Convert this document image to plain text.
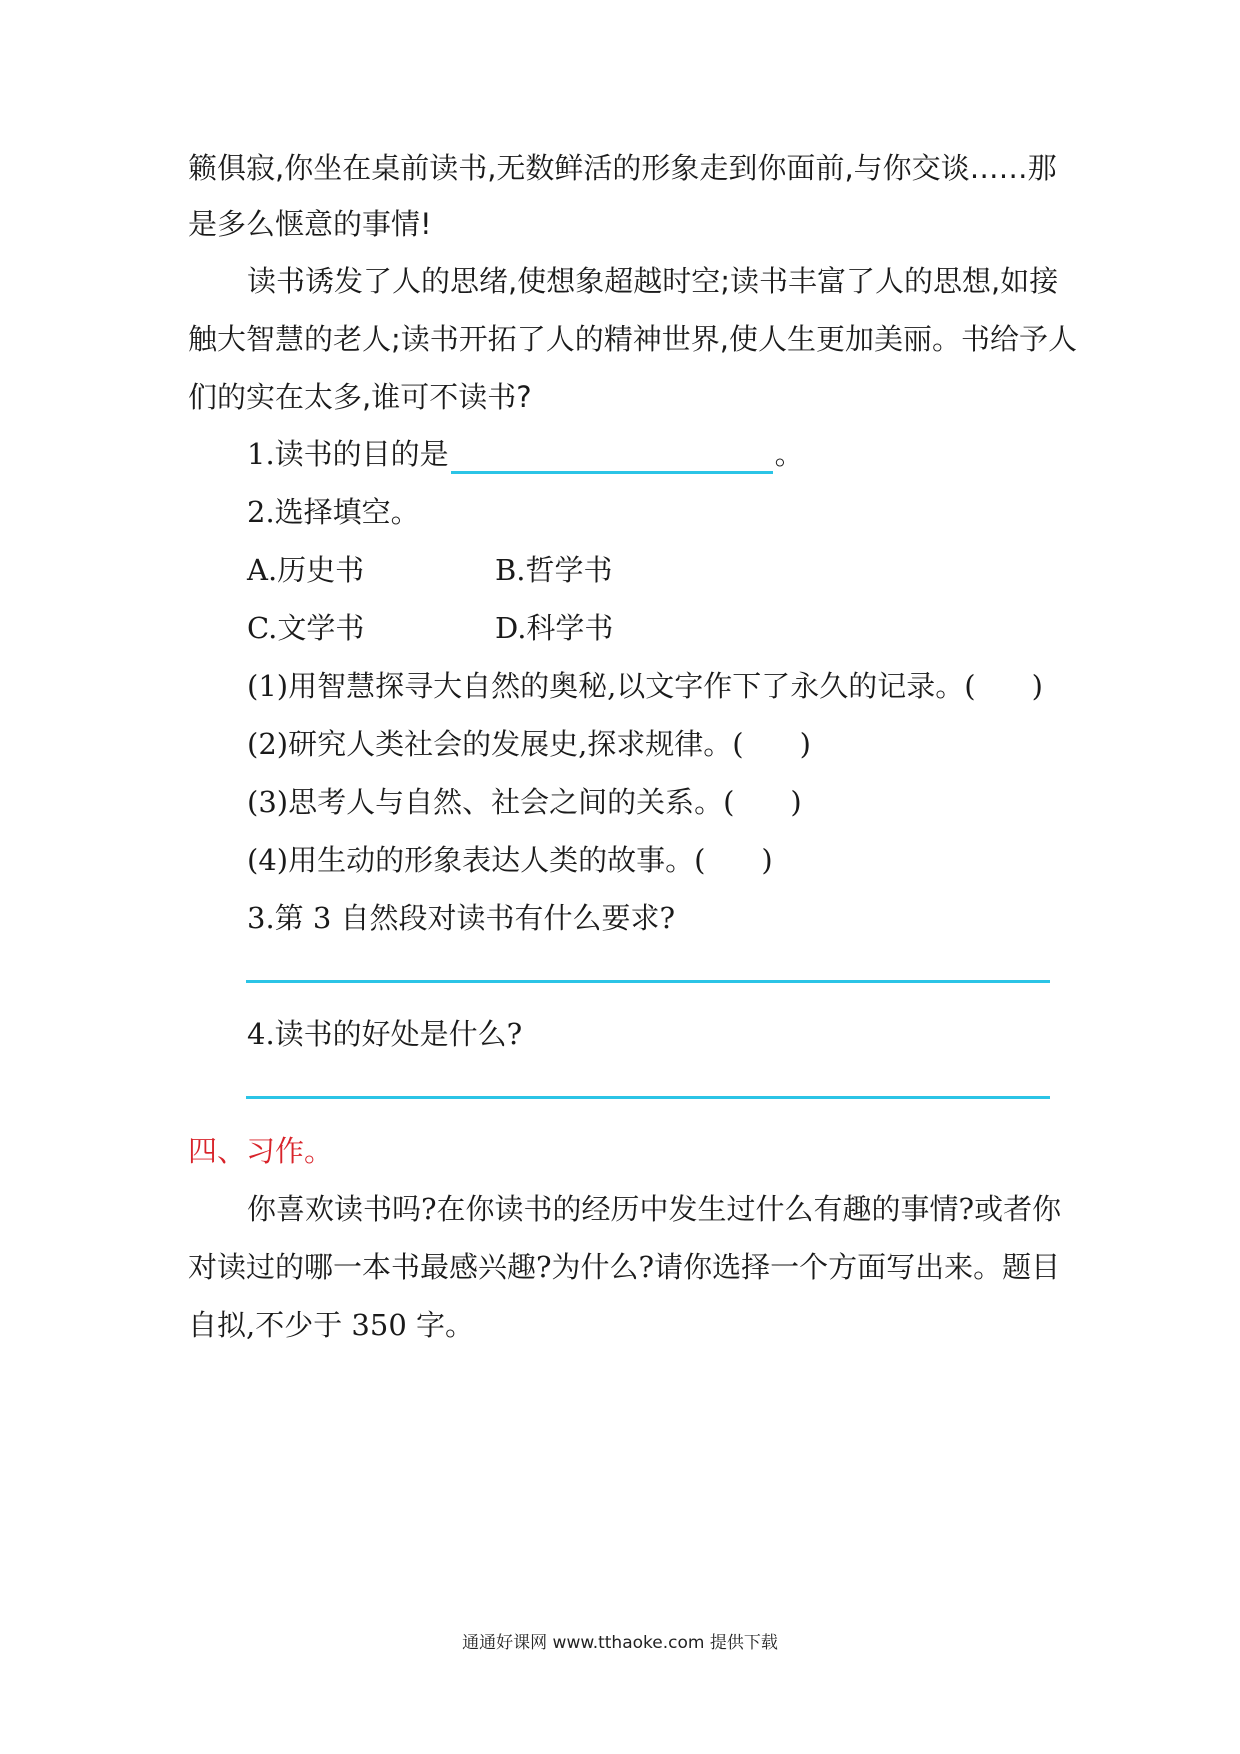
籁俱寂,你坐在桌前读书,无数鲜活的形象走到你面前,与你交谈……那
是多么惬意的事情!
读书诱发了人的思绪,使想象超越时空;读书丰富了人的思想,如接
触大智慧的老人;读书开拓了人的精神世界,使人生更加美丽。书给予人
们的实在太多,谁可不读书?
1.读书的目的是	。
2.选择填空。
A.历史书	B.哲学书
C.文学书	D.科学书
(1)用智慧探寻大自然的奥秘,以文字作下了永久的记录。( )
(2)研究人类社会的发展史,探求规律。( )
(3)思考人与自然、社会之间的关系。( )
(4)用生动的形象表达人类的故事。( )
3.第 3 自然段对读书有什么要求?
4.读书的好处是什么?
四、习作。
你喜欢读书吗?在你读书的经历中发生过什么有趣的事情?或者你
对读过的哪一本书最感兴趣?为什么?请你选择一个方面写出来。题目
自拟,不少于 350 字。
通通好课网 www.tthaoke.com 提供下载
